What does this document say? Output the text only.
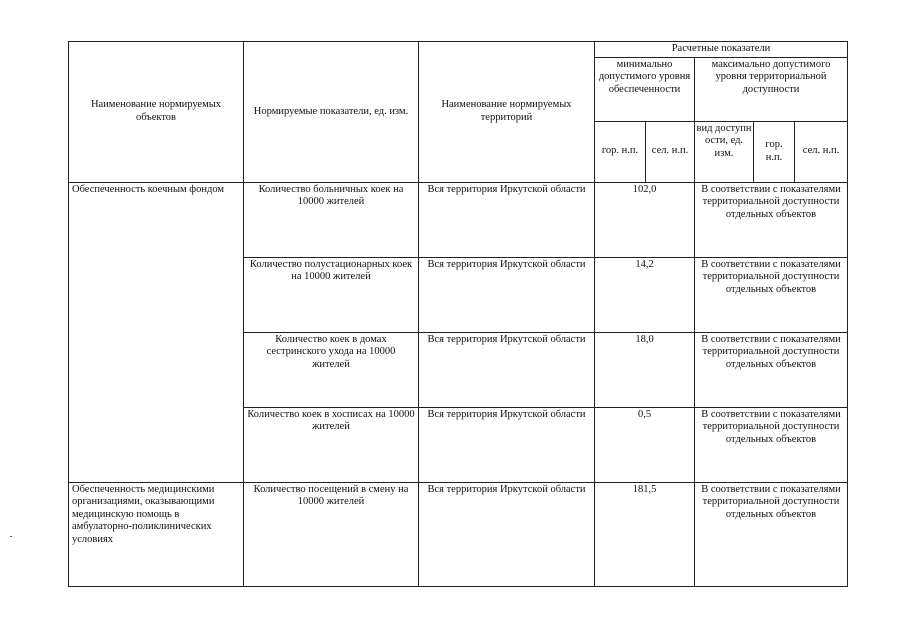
Наименование нормируемых объектов	Нормируемые показатели, ед. изм.	Наименование нормируемых территорий	Расчетные показатели				
			минимально допустимого уровня обеспеченности		максимально допустимого уровня территориальной доступности		
			гор. н.п.	сел. н.п.	вид доступн ости, ед. изм.	гор. н.п.	сел. н.п.
Обеспеченность коечным фондом	Количество больничных коек на 10000 жителей	Вся территория Иркутской области	102,0		В соответствии с показателями территориальной доступности отдельных объектов		
	Количество полустационарных коек на 10000 жителей	Вся территория Иркутской области	14,2		В соответствии с показателями территориальной доступности отдельных объектов		
	Количество коек в домах сестринского ухода на 10000 жителей	Вся территория Иркутской области	18,0		В соответствии с показателями территориальной доступности отдельных объектов		
	Количество коек в хосписах на 10000 жителей	Вся территория Иркутской области	0,5		В соответствии с показателями территориальной доступности отдельных объектов		
Обеспеченность медицинскими организациями, оказывающими медицинскую помощь в амбулаторно-поликлинических условиях	Количество посещений в смену на 10000 жителей	Вся территория Иркутской области	181,5		В соответствии с показателями территориальной доступности отдельных объектов		
